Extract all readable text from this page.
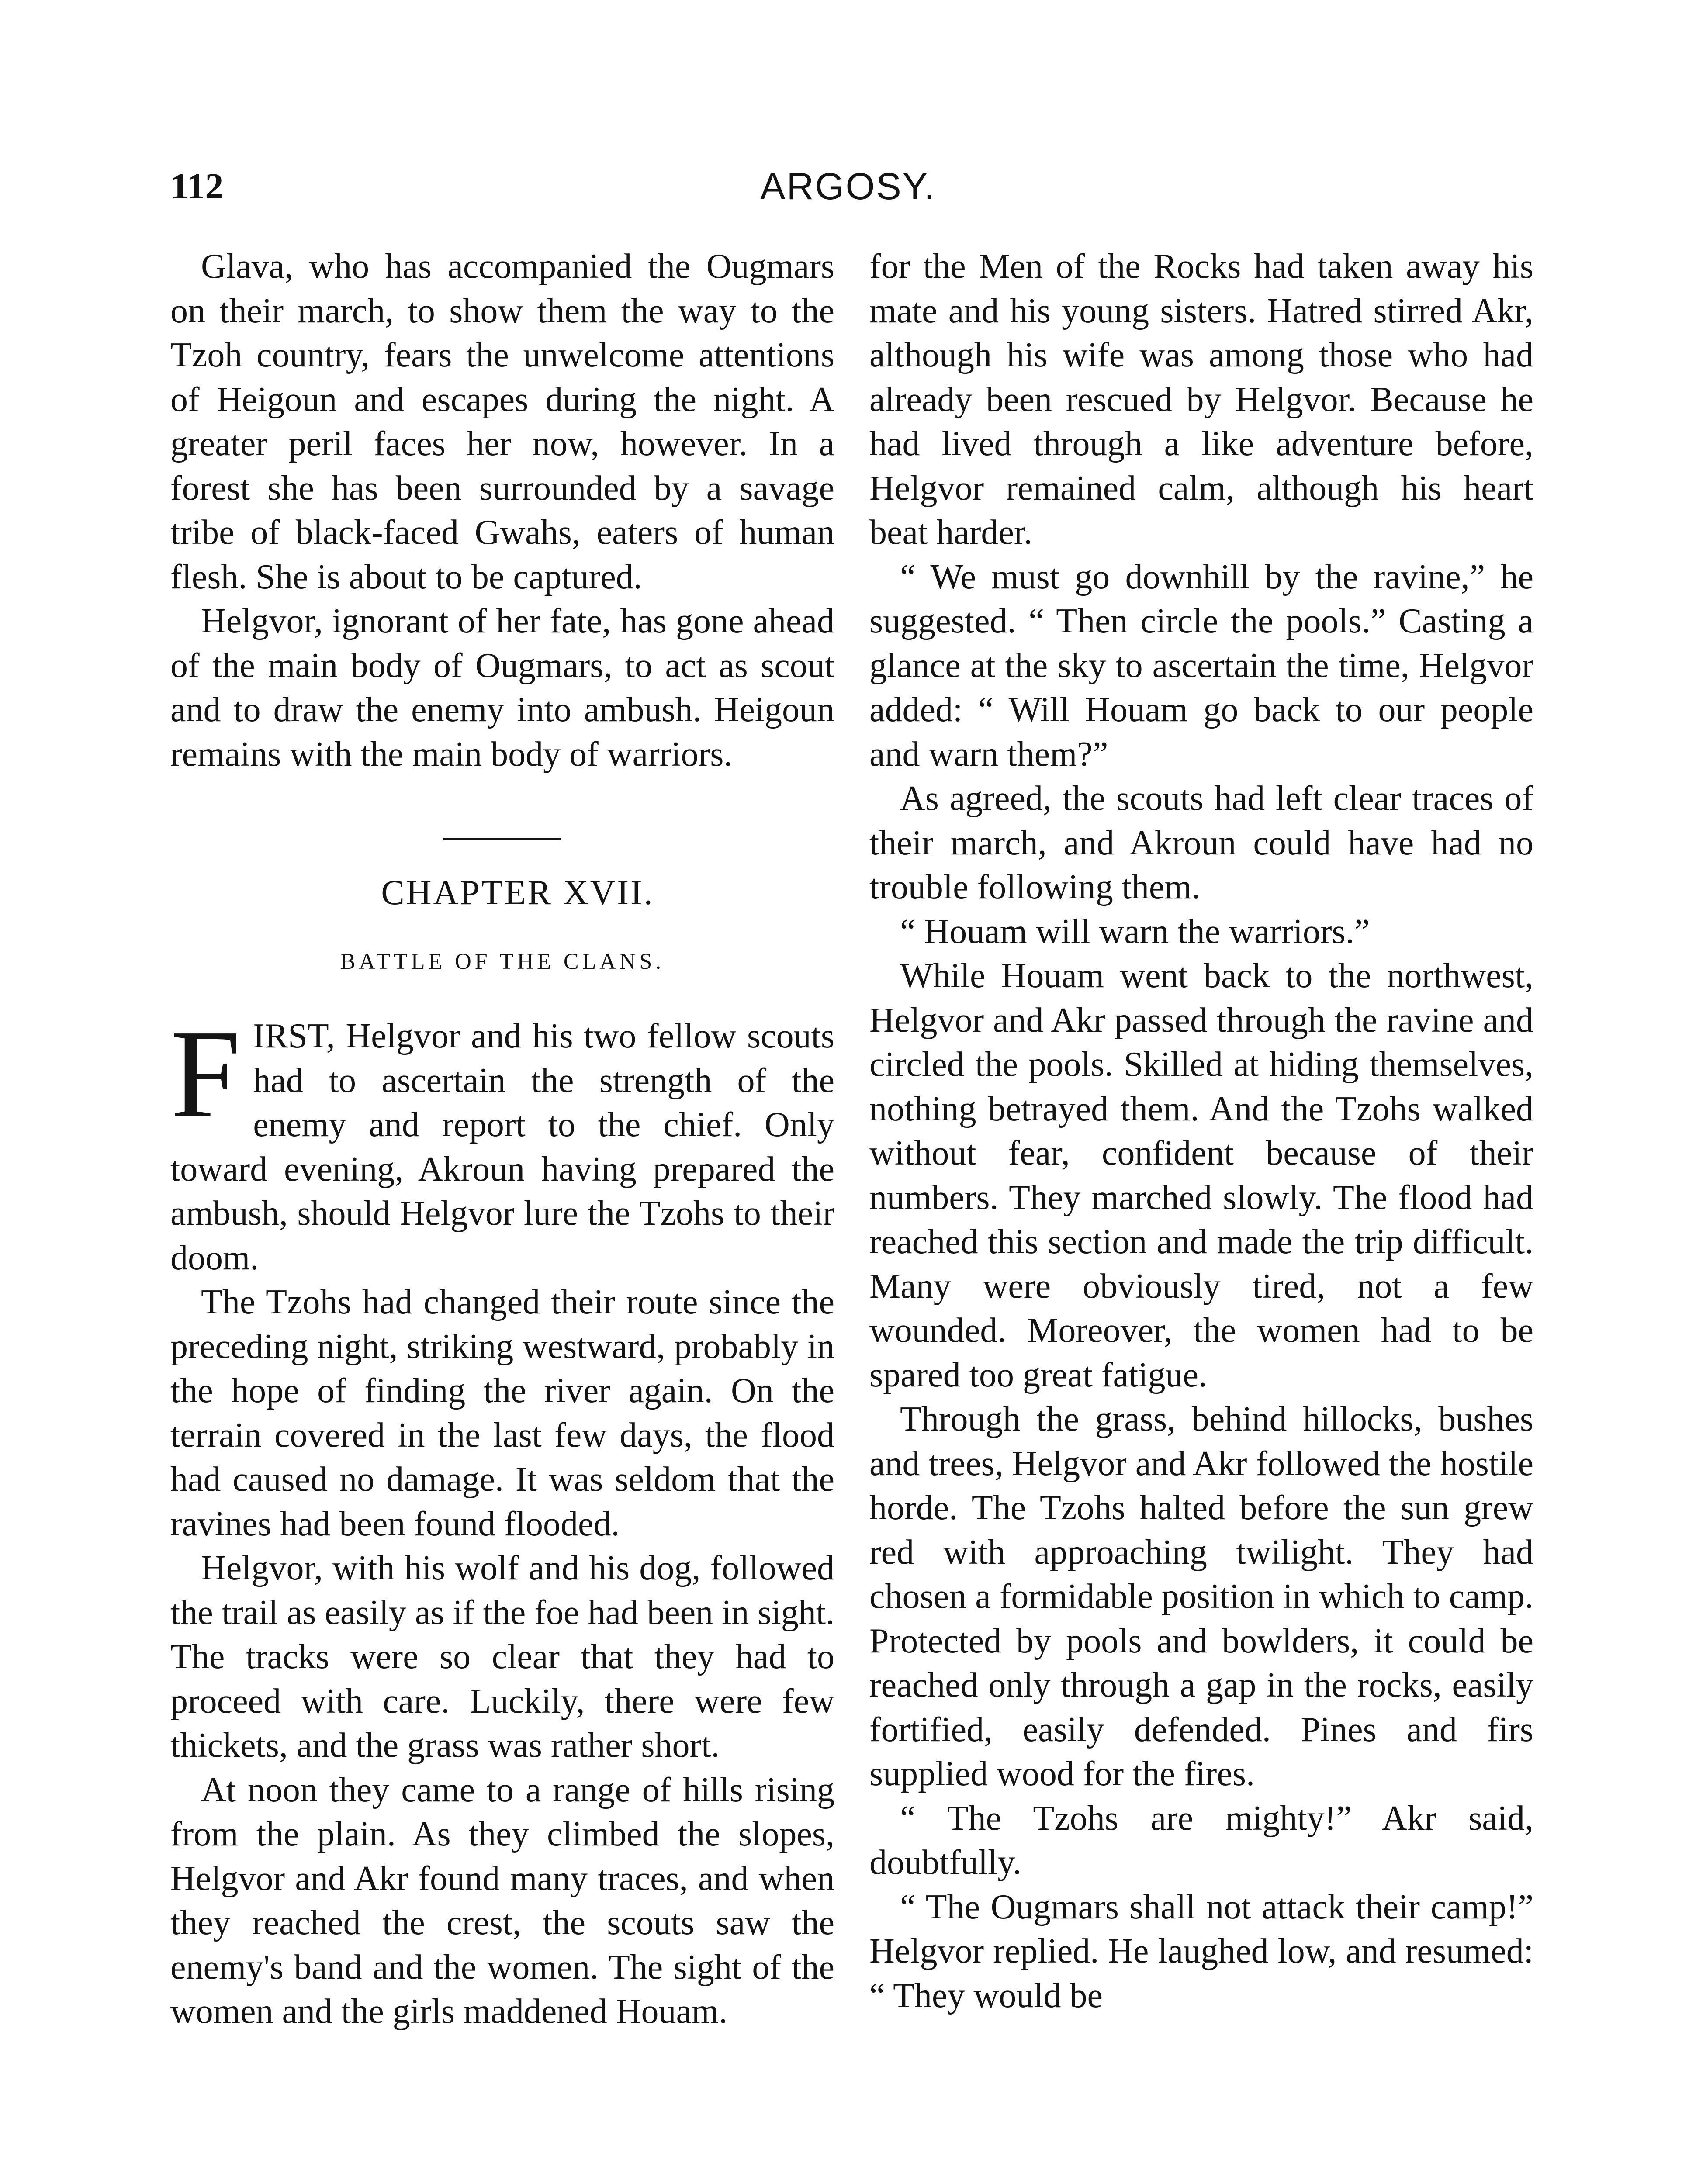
112	ARGOSY.

Glava, who has accompanied the Ougmars on their march, to show them the way to the Tzoh country, fears the unwelcome attentions of Heigoun and escapes during the night. A greater peril faces her now, however. In a forest she has been surrounded by a savage tribe of black-faced Gwahs, eaters of human flesh. She is about to be captured.

Helgvor, ignorant of her fate, has gone ahead of the main body of Ougmars, to act as scout and to draw the enemy into ambush. Heigoun remains with the main body of warriors.

CHAPTER XVII.

BATTLE OF THE CLANS.

FIRST, Helgvor and his two fellow scouts had to ascertain the strength of the enemy and report to the chief. Only toward evening, Akroun having prepared the ambush, should Helgvor lure the Tzohs to their doom.

The Tzohs had changed their route since the preceding night, striking westward, probably in the hope of finding the river again. On the terrain covered in the last few days, the flood had caused no damage. It was seldom that the ravines had been found flooded.

Helgvor, with his wolf and his dog, followed the trail as easily as if the foe had been in sight. The tracks were so clear that they had to proceed with care. Luckily, there were few thickets, and the grass was rather short.

At noon they came to a range of hills rising from the plain. As they climbed the slopes, Helgvor and Akr found many traces, and when they reached the crest, the scouts saw the enemy's band and the women. The sight of the women and the girls maddened Houam.

for the Men of the Rocks had taken away his mate and his young sisters. Hatred stirred Akr, although his wife was among those who had already been rescued by Helgvor. Because he had lived through a like adventure before, Helgvor remained calm, although his heart beat harder.

“ We must go downhill by the ravine,” he suggested. “ Then circle the pools.” Casting a glance at the sky to ascertain the time, Helgvor added: “ Will Houam go back to our people and warn them?”

As agreed, the scouts had left clear traces of their march, and Akroun could have had no trouble following them.

“ Houam will warn the warriors.”

While Houam went back to the northwest, Helgvor and Akr passed through the ravine and circled the pools. Skilled at hiding themselves, nothing betrayed them. And the Tzohs walked without fear, confident because of their numbers. They marched slowly. The flood had reached this section and made the trip difficult. Many were obviously tired, not a few wounded. Moreover, the women had to be spared too great fatigue.

Through the grass, behind hillocks, bushes and trees, Helgvor and Akr followed the hostile horde. The Tzohs halted before the sun grew red with approaching twilight. They had chosen a formidable position in which to camp. Protected by pools and bowlders, it could be reached only through a gap in the rocks, easily fortified, easily defended. Pines and firs supplied wood for the fires.

“ The Tzohs are mighty!” Akr said, doubtfully.

“ The Ougmars shall not attack their camp!” Helgvor replied. He laughed low, and resumed: “ They would be
